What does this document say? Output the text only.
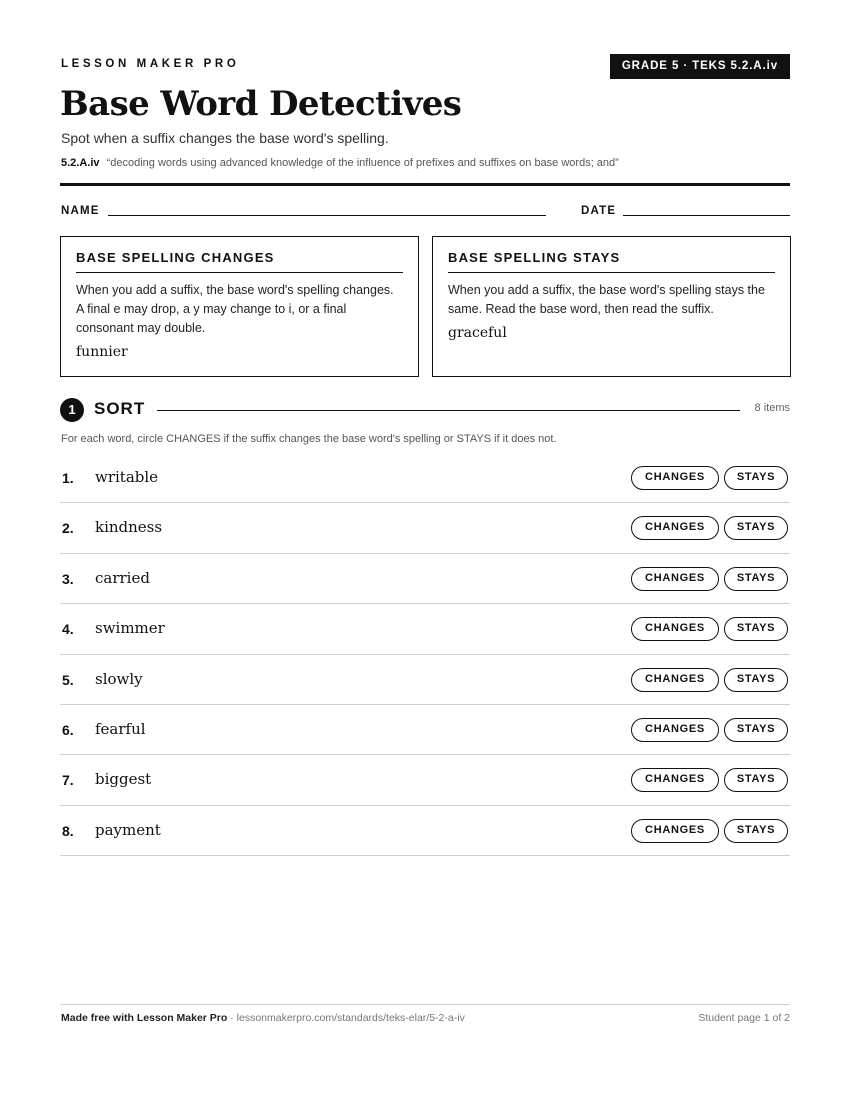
LESSON MAKER PRO	GRADE 5 · TEKS 5.2.A.iv
Base Word Detectives
Spot when a suffix changes the base word's spelling.
5.2.A.iv “decoding words using advanced knowledge of the influence of prefixes and suffixes on base words; and”
NAME	DATE
BASE SPELLING CHANGES
When you add a suffix, the base word's spelling changes. A final e may drop, a y may change to i, or a final consonant may double.
funnier
BASE SPELLING STAYS
When you add a suffix, the base word's spelling stays the same. Read the base word, then read the suffix.
graceful
1	SORT	8 items
For each word, circle CHANGES if the suffix changes the base word's spelling or STAYS if it does not.
1. writable	CHANGES	STAYS
2. kindness	CHANGES	STAYS
3. carried	CHANGES	STAYS
4. swimmer	CHANGES	STAYS
5. slowly	CHANGES	STAYS
6. fearful	CHANGES	STAYS
7. biggest	CHANGES	STAYS
8. payment	CHANGES	STAYS
Made free with Lesson Maker Pro · lessonmakerpro.com/standards/teks-elar/5-2-a-iv	Student page 1 of 2
